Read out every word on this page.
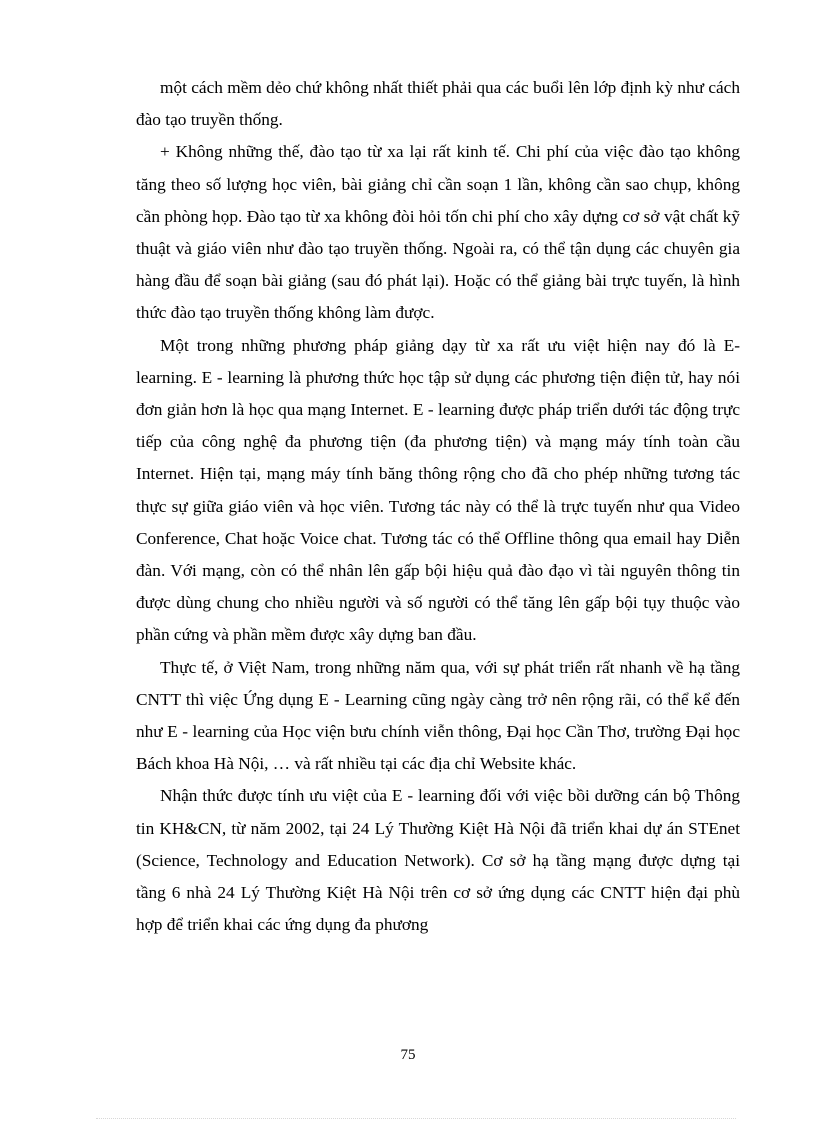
một cách mềm dẻo chứ không nhất thiết phải qua các buổi lên lớp định kỳ như cách đào tạo truyền thống.

+ Không những thế, đào tạo từ xa lại rất kinh tế. Chi phí của việc đào tạo không tăng theo số lượng học viên, bài giảng chỉ cần soạn 1 lần, không cần sao chụp, không cần phòng họp. Đào tạo từ xa không đòi hỏi tốn chi phí cho xây dựng cơ sở vật chất kỹ thuật và giáo viên như đào tạo truyền thống. Ngoài ra, có thể tận dụng các chuyên gia hàng đầu để soạn bài giảng (sau đó phát lại). Hoặc có thể giảng bài trực tuyến, là hình thức đào tạo truyền thống không làm được.

Một trong những phương pháp giảng dạy từ xa rất ưu việt hiện nay đó là E-learning. E - learning là phương thức học tập sử dụng các phương tiện điện tử, hay nói đơn giản hơn là học qua mạng Internet. E - learning được pháp triển dưới tác động trực tiếp của công nghệ đa phương tiện (đa phương tiện) và mạng máy tính toàn cầu Internet. Hiện tại, mạng máy tính băng thông rộng cho đã cho phép những tương tác thực sự giữa giáo viên và học viên. Tương tác này có thể là trực tuyến như qua Video Conference, Chat hoặc Voice chat. Tương tác có thể Offline thông qua email hay Diễn đàn. Với mạng, còn có thể nhân lên gấp bội hiệu quả đào đạo vì tài nguyên thông tin được dùng chung cho nhiều người và số người có thể tăng lên gấp bội tụy thuộc vào phần cứng và phần mềm được xây dựng ban đầu.

Thực tế, ở Việt Nam, trong những năm qua, với sự phát triển rất nhanh về hạ tầng CNTT thì việc Ứng dụng E - Learning cũng ngày càng trở nên rộng rãi, có thể kể đến như E - learning của Học viện bưu chính viễn thông, Đại học Cần Thơ, trường Đại học Bách khoa Hà Nội, … và rất nhiều tại các địa chỉ Website khác.

Nhận thức được tính ưu việt của E - learning đối với việc bồi dưỡng cán bộ Thông tin KH&CN, từ năm 2002, tại 24 Lý Thường Kiệt Hà Nội đã triển khai dự án STEnet (Science, Technology and Education Network). Cơ sở hạ tầng mạng được dựng tại tầng 6 nhà 24 Lý Thường Kiệt Hà Nội trên cơ sở ứng dụng các CNTT hiện đại phù hợp để triển khai các ứng dụng đa phương

75
